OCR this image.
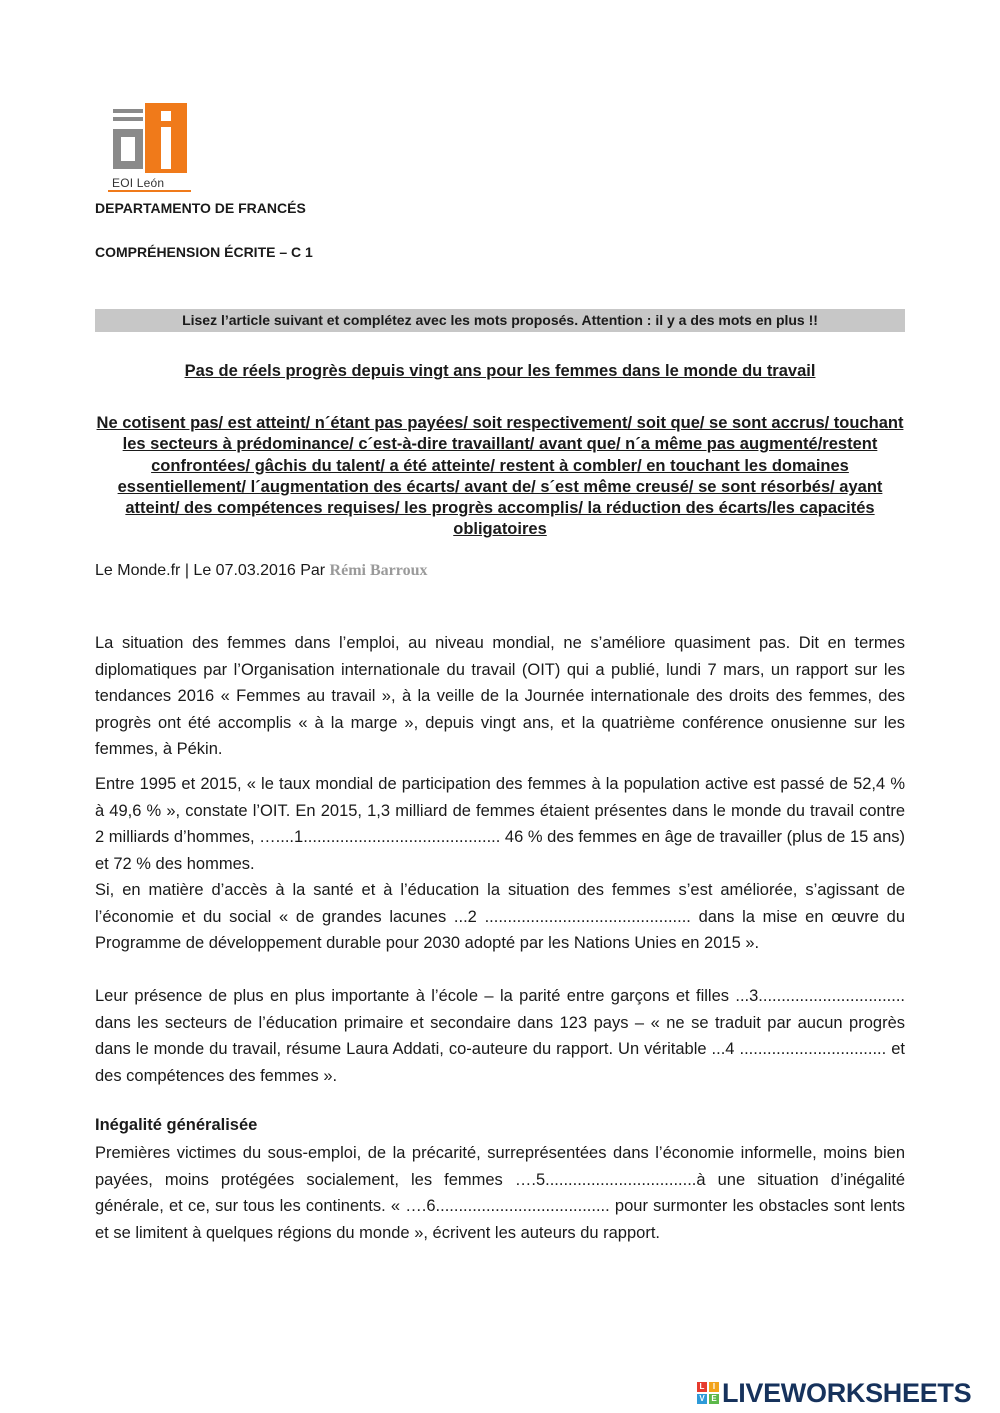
EOI León
DEPARTAMENTO DE FRANCÉS
COMPRÉHENSION ÉCRITE – C 1
Lisez l’article suivant et complétez avec les mots proposés. Attention : il y a des mots en plus !!
Pas de réels progrès depuis vingt ans pour les femmes dans le monde du travail
Ne cotisent pas/ est atteint/ n´étant pas payées/ soit respectivement/ soit que/ se sont accrus/ touchant les secteurs à prédominance/ c´est-à-dire travaillant/ avant que/ n´a même pas augmenté/restent confrontées/ gâchis du talent/ a été atteinte/ restent à combler/ en touchant les domaines essentiellement/ l´augmentation des écarts/ avant de/ s´est même creusé/ se sont résorbés/ ayant atteint/ des compétences requises/ les progrès accomplis/ la réduction des écarts/les capacités obligatoires
Le Monde.fr | Le 07.03.2016 Par Rémi Barroux
La situation des femmes dans l’emploi, au niveau mondial, ne s’améliore quasiment pas. Dit en termes diplomatiques par l’Organisation internationale du travail (OIT) qui a publié, lundi 7 mars, un rapport sur les tendances 2016 « Femmes au travail », à la veille de la Journée internationale des droits des femmes, des progrès ont été accomplis « à la marge », depuis vingt ans, et la quatrième conférence onusienne sur les femmes, à Pékin.
Entre 1995 et 2015, « le taux mondial de participation des femmes à la population active est passé de 52,4 % à 49,6 % », constate l’OIT. En 2015, 1,3 milliard de femmes étaient présentes dans le monde du travail contre 2 milliards d’hommes, …....1........................................... 46 % des femmes en âge de travailler (plus de 15 ans) et 72 % des hommes.
Si, en matière d’accès à la santé et à l’éducation la situation des femmes s’est améliorée, s’agissant de l’économie et du social « de grandes lacunes ...2 ............................................. dans la mise en œuvre du Programme de développement durable pour 2030 adopté par les Nations Unies en 2015 ».
Leur présence de plus en plus importante à l’école – la parité entre garçons et filles ...3................................ dans les secteurs de l’éducation primaire et secondaire dans 123 pays – « ne se traduit par aucun progrès dans le monde du travail, résume Laura Addati, co-auteure du rapport. Un véritable ...4 ................................ et des compétences des femmes ».
Inégalité généralisée
Premières victimes du sous-emploi, de la précarité, surreprésentées dans l’économie informelle, moins bien payées, moins protégées socialement, les femmes ….5.................................à une situation d’inégalité générale, et ce, sur tous les continents. « ….6...................................... pour surmonter les obstacles sont lents et se limitent à quelques régions du monde », écrivent les auteurs du rapport.
L	I
V E LIVEWORKSHEETS
